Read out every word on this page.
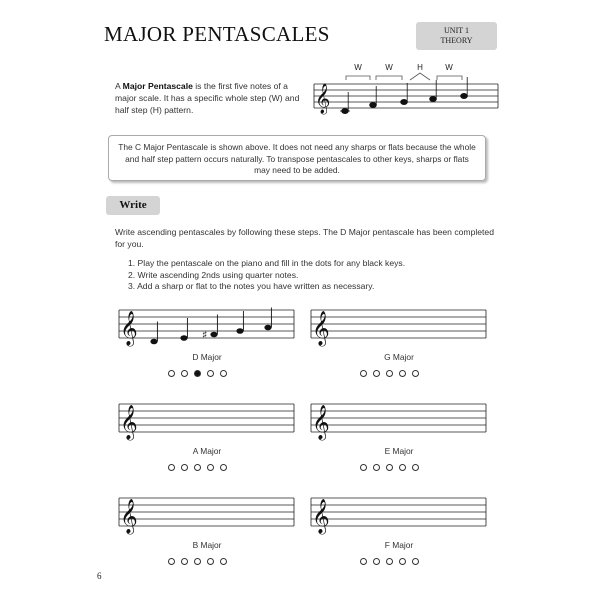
MAJOR PENTASCALES	UNIT 1
THEORY
A Major Pentascale is the first five notes of a major scale. It has a specific whole step (W) and half step (H) pattern.	𝄞
W	W	H	W
The C Major Pentascale is shown above. It does not need any sharps or flats because the whole and half step pattern occurs naturally. To transpose pentascales to other keys, sharps or flats may need to be added.
Write
Write ascending pentascales by following these steps. The D Major pentascale has been completed for you.
1. Play the pentascale on the piano and fill in the dots for any black keys.
2. Write ascending 2nds using quarter notes.
3. Add a sharp or flat to the notes you have written as necessary.
𝄞	♯
D Major
𝄞
G Major
𝄞
A Major
𝄞
E Major
𝄞
B Major
𝄞
F Major
6
